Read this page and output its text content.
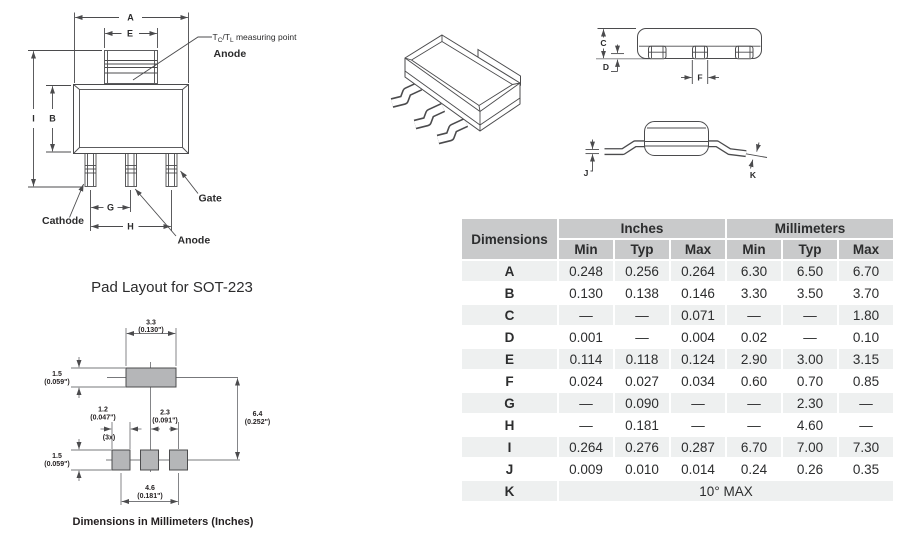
A
E
I B
G
H
$T_C/T_L$ measuring point
Anode
Cathode
Anode
Gate
C
D
F
J	K
Pad Layout for SOT-223
3.3
(0.130")
1.5
(0.059")
6.4
(0.252")
1.2
(0.047")
(3x)
2.3
(0.091")
1.5
(0.059")
4.6
(0.181")
Dimensions in Millimeters (Inches)
Dimensions	Inches			Millimeters		
	Min	Typ	Max	Min	Typ	Max
A	0.248	0.256	0.264	6.30	6.50	6.70
B	0.130	0.138	0.146	3.30	3.50	3.70
C	—	—	0.071	—	—	1.80
D	0.001	—	0.004	0.02	—	0.10
E	0.114	0.118	0.124	2.90	3.00	3.15
F	0.024	0.027	0.034	0.60	0.70	0.85
G	—	0.090	—	—	2.30	—
H	—	0.181	—	—	4.60	—
I	0.264	0.276	0.287	6.70	7.00	7.30
J	0.009	0.010	0.014	0.24	0.26	0.35
K	10° MAX					
